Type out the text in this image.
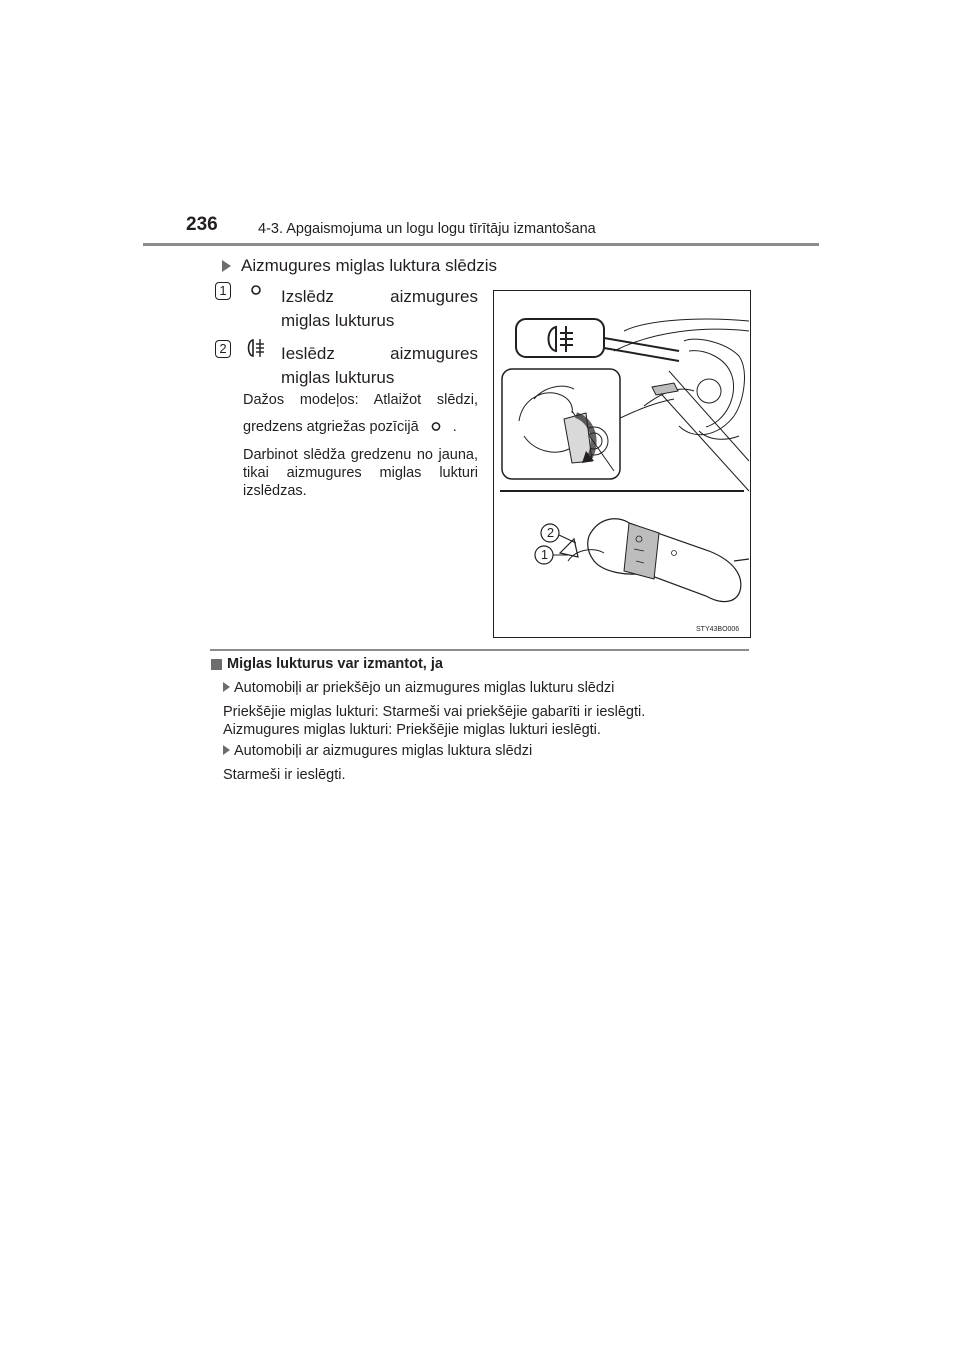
236	4-3. Apgaismojuma un logu logu tīrītāju izmantošana
Aizmugures miglas luktura slēdzis
1	Izslēdz aizmugures miglas lukturus
2	Ieslēdz aizmugures miglas lukturus
Dažos modeļos: Atlaižot slēdzi,
gredzens atgriežas pozīcijā .
Darbinot slēdža gredzenu no jauna, tikai aizmugures miglas lukturi izslēdzas.
2
1
STY43BO006
Miglas lukturus var izmantot, ja
Automobiļi ar priekšējo un aizmugures miglas lukturu slēdzi
Priekšējie miglas lukturi: Starmeši vai priekšējie gabarīti ir ieslēgti.
Aizmugures miglas lukturi: Priekšējie miglas lukturi ieslēgti.
Automobiļi ar aizmugures miglas luktura slēdzi
Starmeši ir ieslēgti.
